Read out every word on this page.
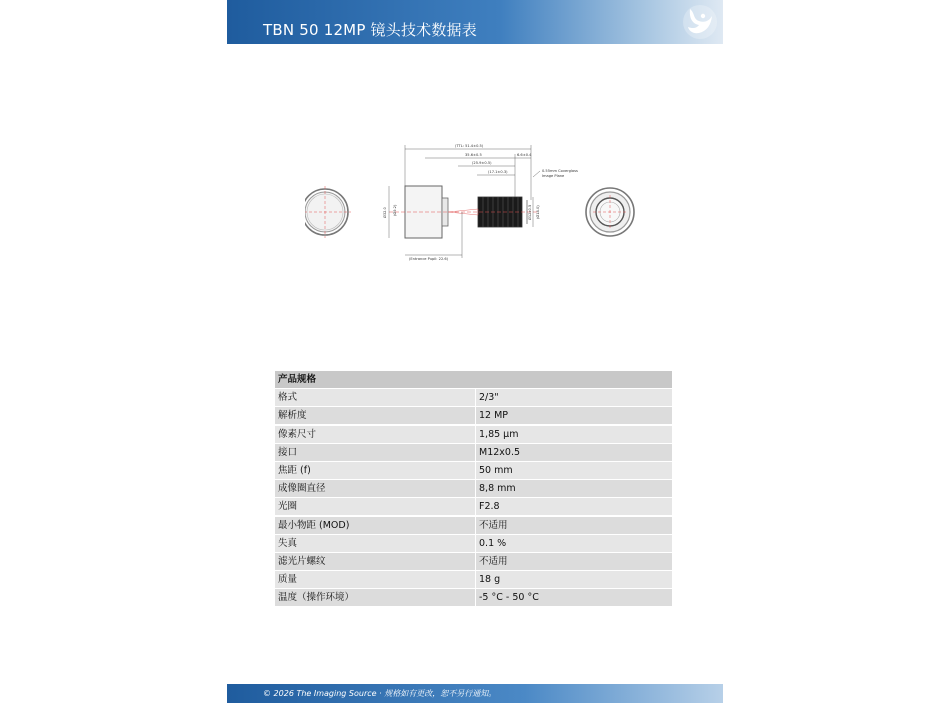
TBN 50 12MP 镜头技术数据表
(TTL: 51.4±0.5)
35.6±0.5	6.6±0.4
(25.9±0.5)
(17.1±0.3)	0.55mm Coverglass
Image Plane
(Entrance Pupil: 22.6)
Ø32.0 (Ø9.2)	Ø12x0.5 (Ø14.0)
产品规格
格式	2/3"
解析度	12 MP
像素尺寸	1,85 µm
接口	M12x0.5
焦距 (f)	50 mm
成像圈直径	8,8 mm
光圈	F2.8
最小物距 (MOD)	不适用
失真	0.1 %
滤光片螺纹	不适用
质量	18 g
温度（操作环境）	-5 °C - 50 °C
© 2026 The Imaging Source · 规格如有更改，恕不另行通知。
